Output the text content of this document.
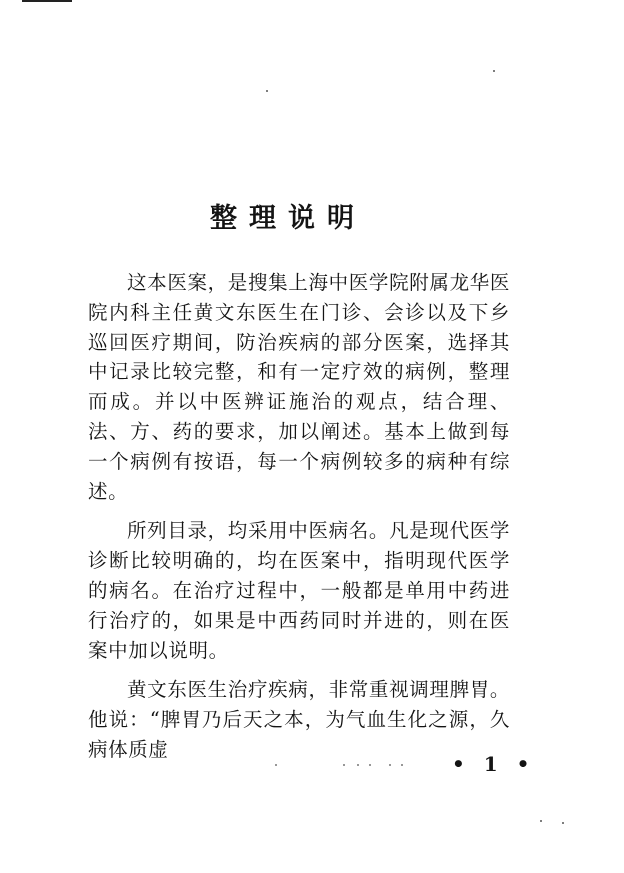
整理说明

这本医案，是搜集上海中医学院附属龙华医院内科主任黄文东医生在门诊、会诊以及下乡巡回医疗期间，防治疾病的部分医案，选择其中记录比较完整，和有一定疗效的病例，整理而成。并以中医辨证施治的观点，结合理、法、方、药的要求，加以阐述。基本上做到每一个病例有按语，每一个病例较多的病种有综述。

所列目录，均采用中医病名。凡是现代医学诊断比较明确的，均在医案中，指明现代医学的病名。在治疗过程中，一般都是单用中药进行治疗的，如果是中西药同时并进的，则在医案中加以说明。

黄文东医生治疗疾病，非常重视调理脾胃。他说：“脾胃乃后天之本，为气血生化之源，久病体质虚

• 1 •
